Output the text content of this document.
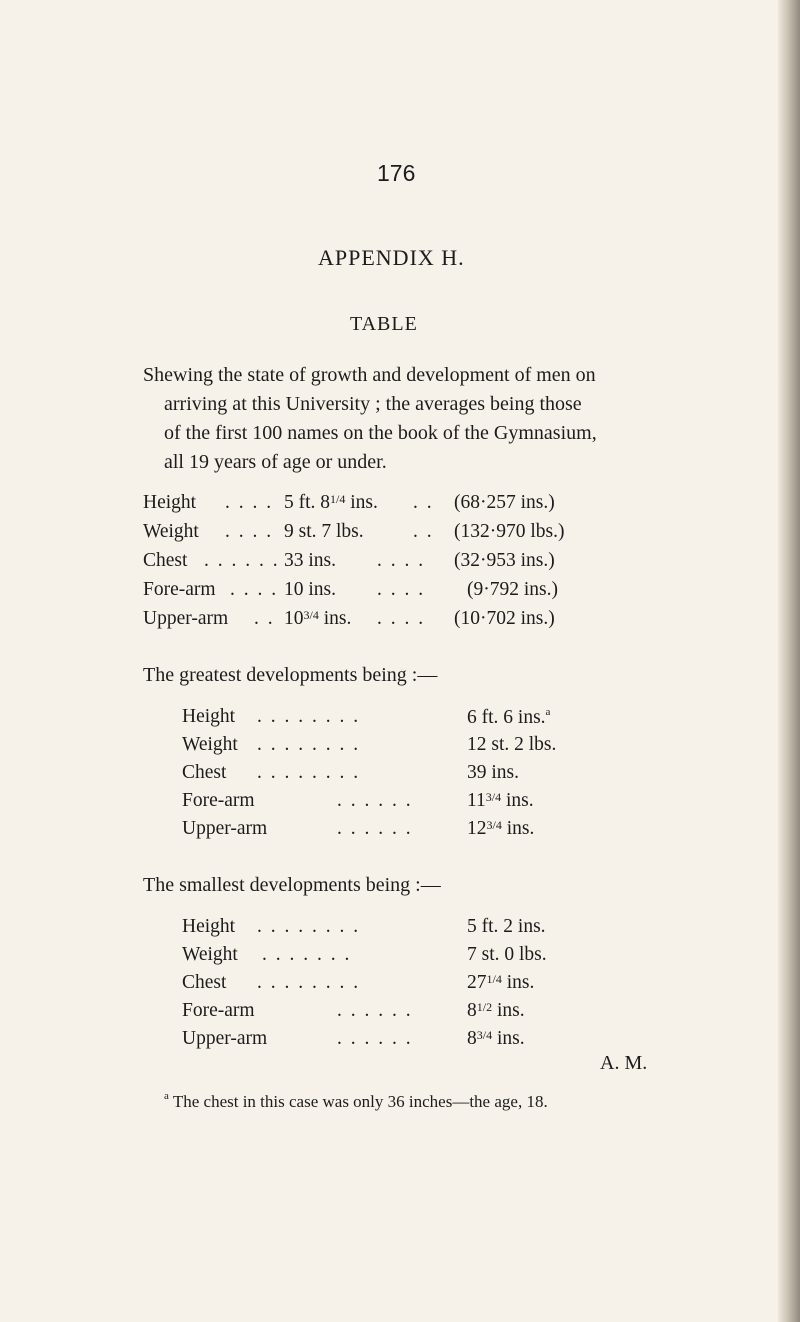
176
APPENDIX H.
TABLE
Shewing the state of growth and development of men on
arriving at this University ; the averages being those
of the first 100 names on the book of the Gymnasium,
all 19 years of age or under.
Height . . . . 5 ft. $8^{1/4}$ ins. . . (68·257 ins.)
Weight . . . . 9 st. 7 lbs.	. . (132·970 lbs.)
Chest . . . . . . 33 ins. . . . . (32·953 ins.)
Fore-arm . . . . 10 ins. . . . . (9·792 ins.)
Upper-arm . . $10^{3/4}$ ins. . . . . (10·702 ins.)
The greatest developments being :—
Height . . . . . . . .	6 ft. 6 ins.$^a$
Weight . . . . . . . .	12 st. 2 lbs.
Chest . . . . . . . .	39 ins.
Fore-arm	. . . . . .	$11^{3/4}$ ins.
Upper-arm	. . . . . .	$12^{3/4}$ ins.
The smallest developments being :—
Height . . . . . . . .	5 ft. 2 ins.
Weight . . . . . . .	7 st. 0 lbs.
Chest . . . . . . . .	$27^{1/4}$ ins.
Fore-arm	. . . . . .	$8^{1/2}$ ins.
Upper-arm	. . . . . .	$8^{3/4}$ ins.
A. M.
$^a$ The chest in this case was only 36 inches—the age, 18.
